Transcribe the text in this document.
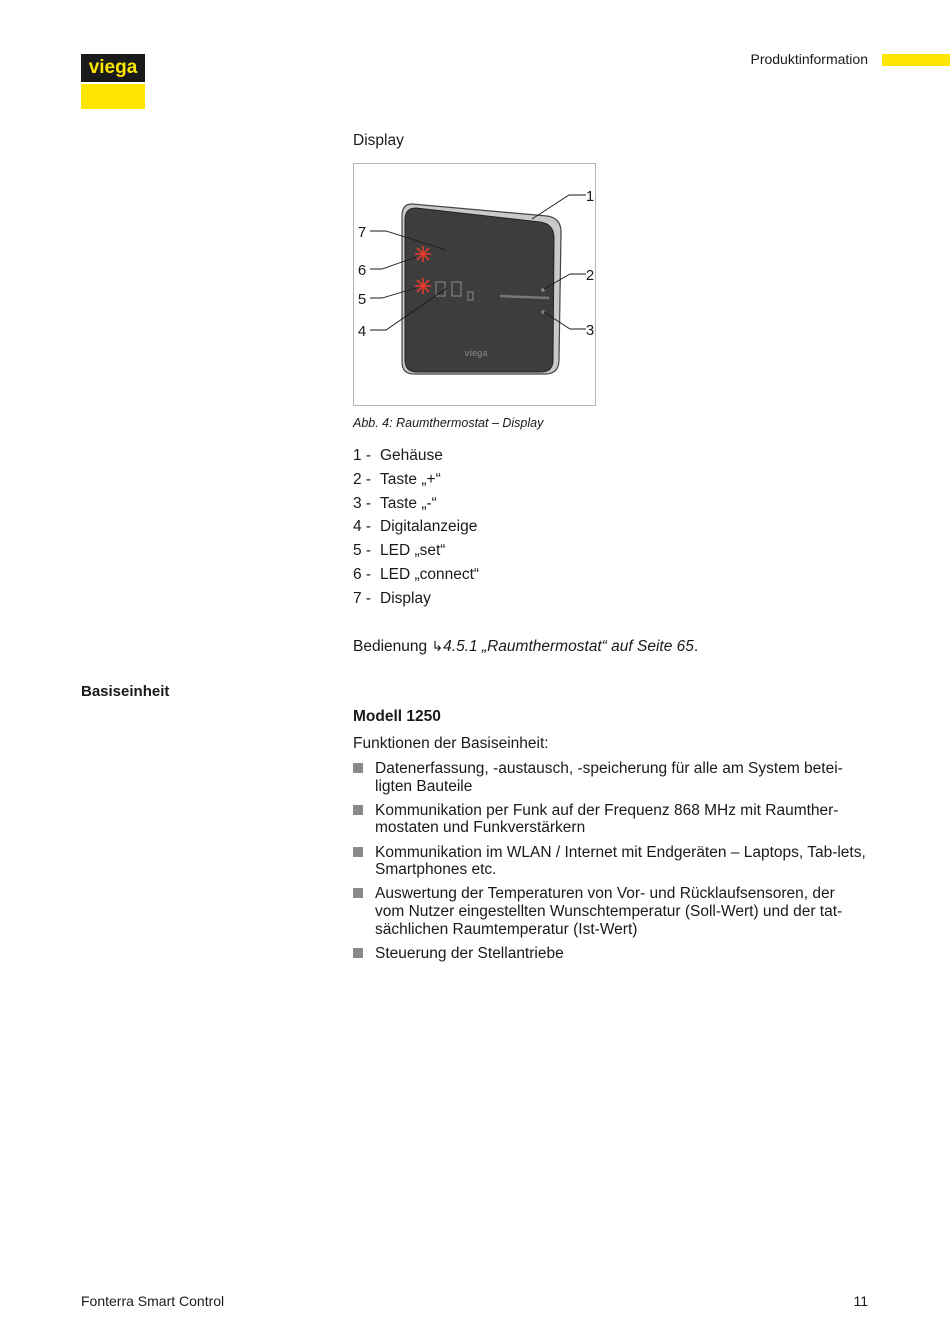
viega	Produktinformation
Display
viega
1
2
3
4
5
6
7
Abb. 4: Raumthermostat – Display
1 - Gehäuse
2 - Taste „+“
3 - Taste „-“
4 - Digitalanzeige
5 - LED „set“
6 - LED „connect“
7 - Display
Bedienung ↳4.5.1 „Raumthermostat“ auf Seite 65.
Basiseinheit
Modell 1250
Funktionen der Basiseinheit:
Datenerfassung, -austausch, -speicherung für alle am System betei-ligten Bauteile
Kommunikation per Funk auf der Frequenz 868 MHz mit Raumther-mostaten und Funkverstärkern
Kommunikation im WLAN / Internet mit Endgeräten – Laptops, Tab-lets, Smartphones etc.
Auswertung der Temperaturen von Vor- und Rücklaufsensoren, der vom Nutzer eingestellten Wunschtemperatur (Soll-Wert) und der tat-sächlichen Raumtemperatur (Ist-Wert)
Steuerung der Stellantriebe
Fonterra Smart Control	11
